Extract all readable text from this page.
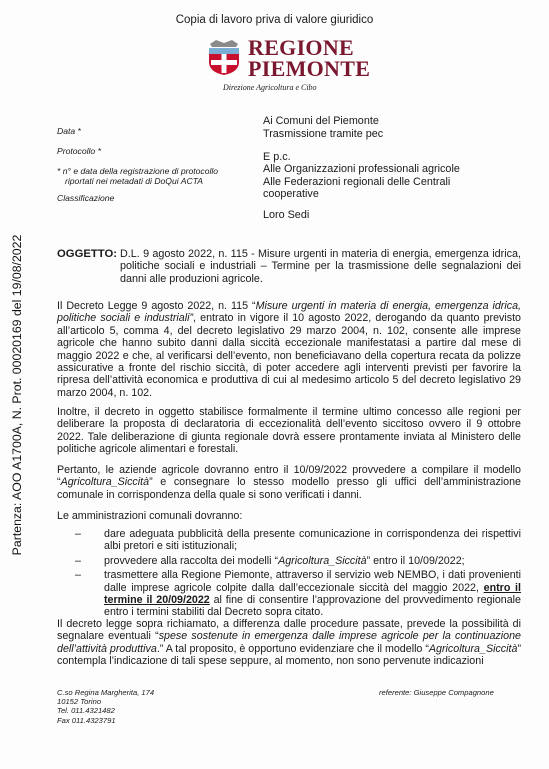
Partenza: AOO A1700A, N. Prot. 00020169 del 19/08/2022
Copia di lavoro priva di valore giuridico
REGIONE
PIEMONTE
Direzione Agricoltura e Cibo
Data *
Protocollo *
* n° e data della registrazione di protocollo
riportati nei metadati di DoQui ACTA
Classificazione
Ai Comuni del Piemonte
Trasmissione tramite pec
E p.c.
Alle Organizzazioni professionali agricole
Alle Federazioni regionali delle Centrali
cooperative
Loro Sedi
OGGETTO: D.L. 9 agosto 2022, n. 115 - Misure urgenti in materia di energia, emergenza idrica, politiche sociali e industriali – Termine per la trasmissione delle segnalazioni dei danni alle produzioni agricole.

Il Decreto Legge 9 agosto 2022, n. 115 “Misure urgenti in materia di energia, emergenza idrica, politiche sociali e industriali”, entrato in vigore il 10 agosto 2022, derogando da quanto previsto all’articolo 5, comma 4, del decreto legislativo 29 marzo 2004, n. 102, consente alle imprese agricole che hanno subito danni dalla siccità eccezionale manifestatasi a partire dal mese di maggio 2022 e che, al verificarsi dell’evento, non beneficiavano della copertura recata da polizze assicurative a fronte del rischio siccità, di poter accedere agli interventi previsti per favorire la ripresa dell’attività economica e produttiva di cui al medesimo articolo 5 del decreto legislativo 29 marzo 2004, n. 102.

Inoltre, il decreto in oggetto stabilisce formalmente il termine ultimo concesso alle regioni per deliberare la proposta di declaratoria di eccezionalità dell’evento siccitoso ovvero il 9 ottobre 2022. Tale deliberazione di giunta regionale dovrà essere prontamente inviata al Ministero delle politiche agricole alimentari e forestali.

Pertanto, le aziende agricole dovranno entro il 10/09/2022 provvedere a compilare il modello “Agricoltura_Siccità” e consegnare lo stesso modello presso gli uffici dell’amministrazione comunale in corrispondenza della quale si sono verificati i danni.

Le amministrazioni comunali dovranno:

– dare adeguata pubblicità della presente comunicazione in corrispondenza dei rispettivi albi pretori e siti istituzionali;
– provvedere alla raccolta dei modelli “Agricoltura_Siccità” entro il 10/09/2022;
– trasmettere alla Regione Piemonte, attraverso il servizio web NEMBO, i dati provenienti dalle imprese agricole colpite dalla dall’eccezionale siccità del maggio 2022, entro il termine il 20/09/2022 al fine di consentire l’approvazione del provvedimento regionale entro i termini stabiliti dal Decreto sopra citato.

Il decreto legge sopra richiamato, a differenza dalle procedure passate, prevede la possibilità di segnalare eventuali “spese sostenute in emergenza dalle imprese agricole per la continuazione dell’attività produttiva.” A tal proposito, è opportuno evidenziare che il modello “Agricoltura_Siccità” contempla l’indicazione di tali spese seppure, al momento, non sono pervenute indicazioni

C.so Regina Margherita, 174
10152 Torino
Tel. 011.4321482
Fax 011.4323791
referente: Giuseppe Compagnone
